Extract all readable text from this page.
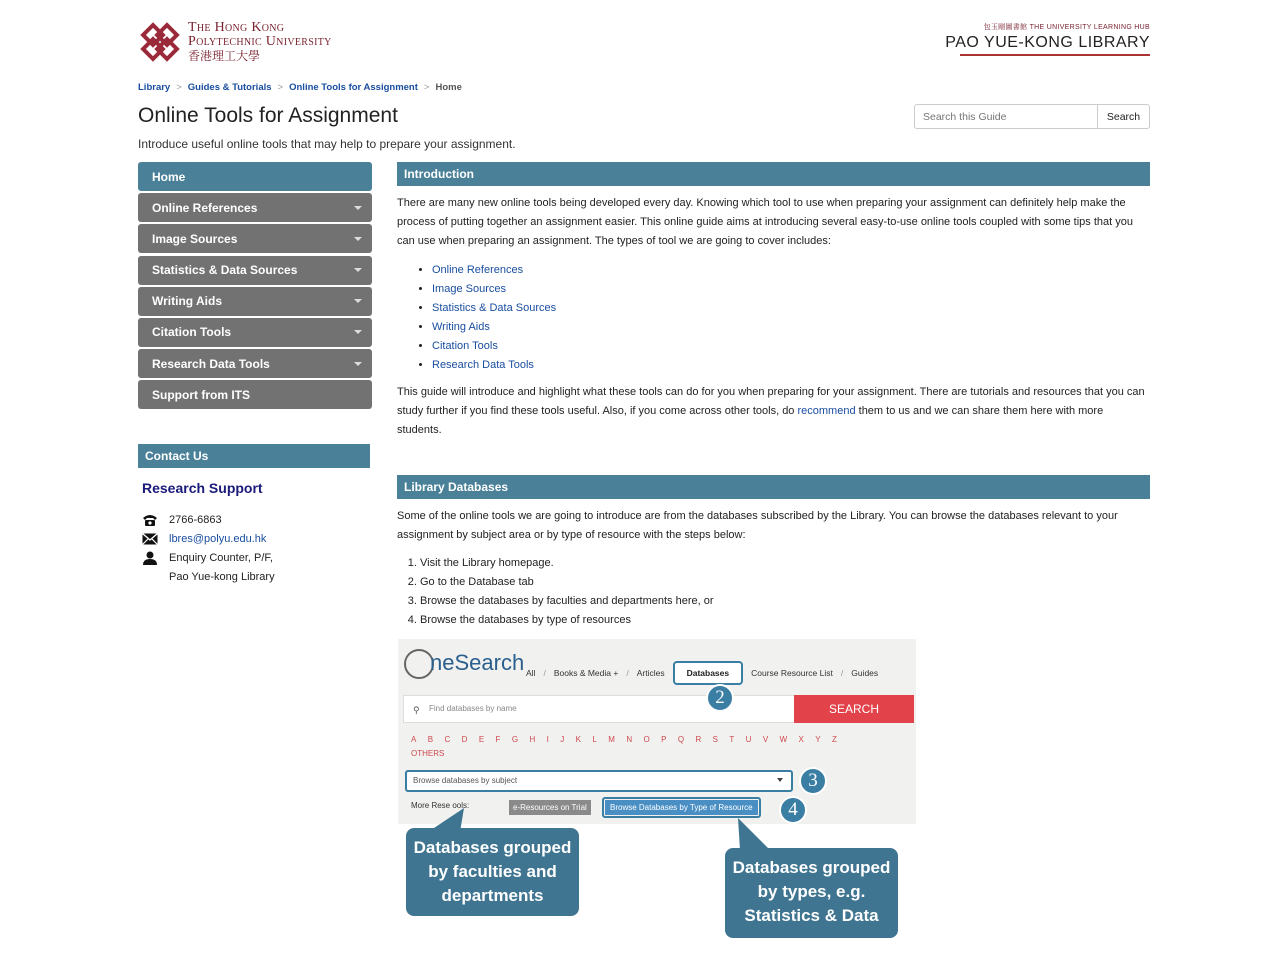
The Hong Kong
Polytechnic University
香港理工大學
包玉剛圖書館 THE UNIVERSITY LEARNING HUB
PAO YUE-KONG LIBRARY
Library > Guides & Tutorials > Online Tools for Assignment > Home
Online Tools for Assignment
Introduce useful online tools that may help to prepare your assignment.
Search this Guide
Search
Home
Online References
Image Sources
Statistics & Data Sources
Writing Aids
Citation Tools
Research Data Tools
Support from ITS
Contact Us
Research Support
2766-6863
lbres@polyu.edu.hk
Enquiry Counter, P/F,
Pao Yue-kong Library
Introduction

There are many new online tools being developed every day. Knowing which tool to use when preparing your assignment can definitely help make the process of putting together an assignment easier. This online guide aims at introducing several easy-to-use online tools coupled with some tips that you can use when preparing an assignment. The types of tool we are going to cover includes:

• Online References
• Image Sources
• Statistics & Data Sources
• Writing Aids
• Citation Tools
• Research Data Tools

This guide will introduce and highlight what these tools can do for you when preparing for your assignment. There are tutorials and resources that you can study further if you find these tools useful. Also, if you come across other tools, do recommend them to us and we can share them here with more students.

Library Databases

Some of the online tools we are going to introduce are from the databases subscribed by the Library. You can browse the databases relevant to your assignment by subject area or by type of resource with the steps below:

1. Visit the Library homepage.
2. Go to the Database tab
3. Browse the databases by faculties and departments here, or
4. Browse the databases by type of resources
neSearch All / Books & Media + / Articles	Databases	Course Resource List / Guides
⚲ Find databases by name	SEARCH
ABCDEFGHIJKLMNOPQRSTUVWXYZ
OTHERS
Browse databases by subject
More Rese ools:	e-Resources on Trial	Browse Databases by Type of Resource
2
3
4
Databases grouped
by faculties and
departments
Databases grouped
by types, e.g.
Statistics & Data
